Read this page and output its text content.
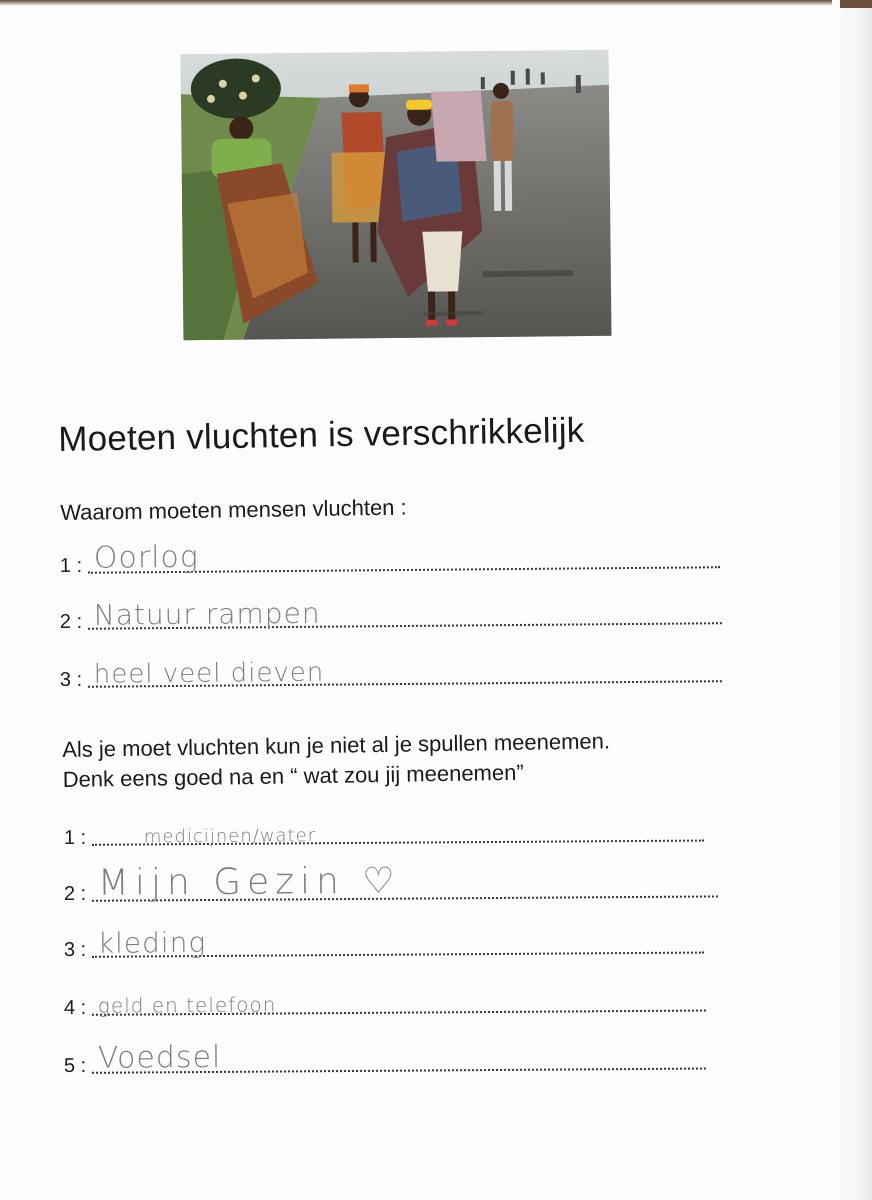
Moeten vluchten is verschrikkelijk
Waarom moeten mensen vluchten :
1 : Oorlog
2 : Natuur rampen
3 : heel veel dieven
Als je moet vluchten kun je niet al je spullen meenemen.
Denk eens goed na en “ wat zou jij meenemen”
1 :	medicijnen/water
2 : Mijn Gezin ♡
3 : kleding
4 : geld en telefoon
5 : Voedsel
